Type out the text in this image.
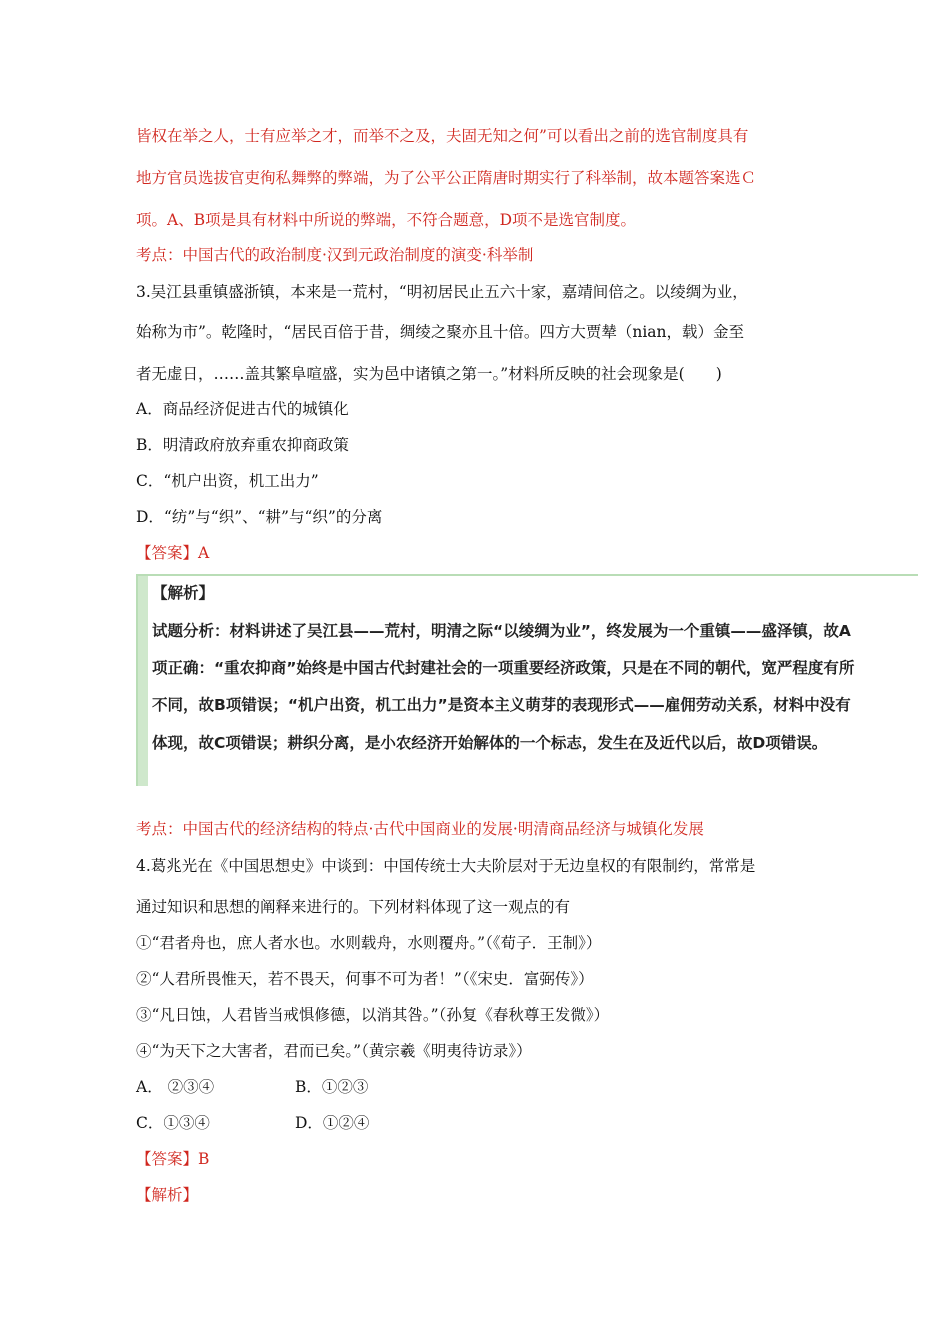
皆权在举之人，士有应举之才，而举不之及，夫固无知之何”可以看出之前的选官制度具有
地方官员选拔官吏徇私舞弊的弊端，为了公平公正隋唐时期实行了科举制，故本题答案选Ｃ
项。A、B项是具有材料中所说的弊端，不符合题意，D项不是选官制度。
考点：中国古代的政治制度·汉到元政治制度的演变·科举制
3.吴江县重镇盛浙镇，本来是一荒村，“明初居民止五六十家，嘉靖间倍之。以绫绸为业，
始称为市”。乾隆时，“居民百倍于昔，绸绫之聚亦且十倍。四方大贾辇（nian，载）金至
者无虚日，……盖其繁阜喧盛，实为邑中诸镇之第一。”材料所反映的社会现象是(　　)
A．商品经济促进古代的城镇化
B．明清政府放弃重农抑商政策
C．“机户出资，机工出力”
D．“纺”与“织”、“耕”与“织”的分离
【答案】A
【解析】
试题分析：材料讲述了吴江县——荒村，明清之际“以绫绸为业”，终发展为一个重镇——盛泽镇，故A
项正确：“重农抑商”始终是中国古代封建社会的一项重要经济政策，只是在不同的朝代，宽严程度有所
不同，故B项错误；“机户出资，机工出力”是资本主义萌芽的表现形式——雇佣劳动关系，材料中没有
体现，故C项错误；耕织分离，是小农经济开始解体的一个标志，发生在及近代以后，故D项错误。
考点：中国古代的经济结构的特点·古代中国商业的发展·明清商品经济与城镇化发展
4.葛兆光在《中国思想史》中谈到：中国传统士大夫阶层对于无边皇权的有限制约，常常是
通过知识和思想的阐释来进行的。下列材料体现了这一观点的有
①“君者舟也，庶人者水也。水则载舟，水则覆舟。”（《荀子．王制》）
②“人君所畏惟天，若不畏天，何事不可为者！”（《宋史．富弼传》）
③“凡日蚀，人君皆当戒惧修德，以消其咎。”（孙复《春秋尊王发微》）
④“为天下之大害者，君而已矣。”（黄宗羲《明夷待访录》）
A． ②③④	B．①②③
C．①③④	D．①②④
【答案】B
【解析】
